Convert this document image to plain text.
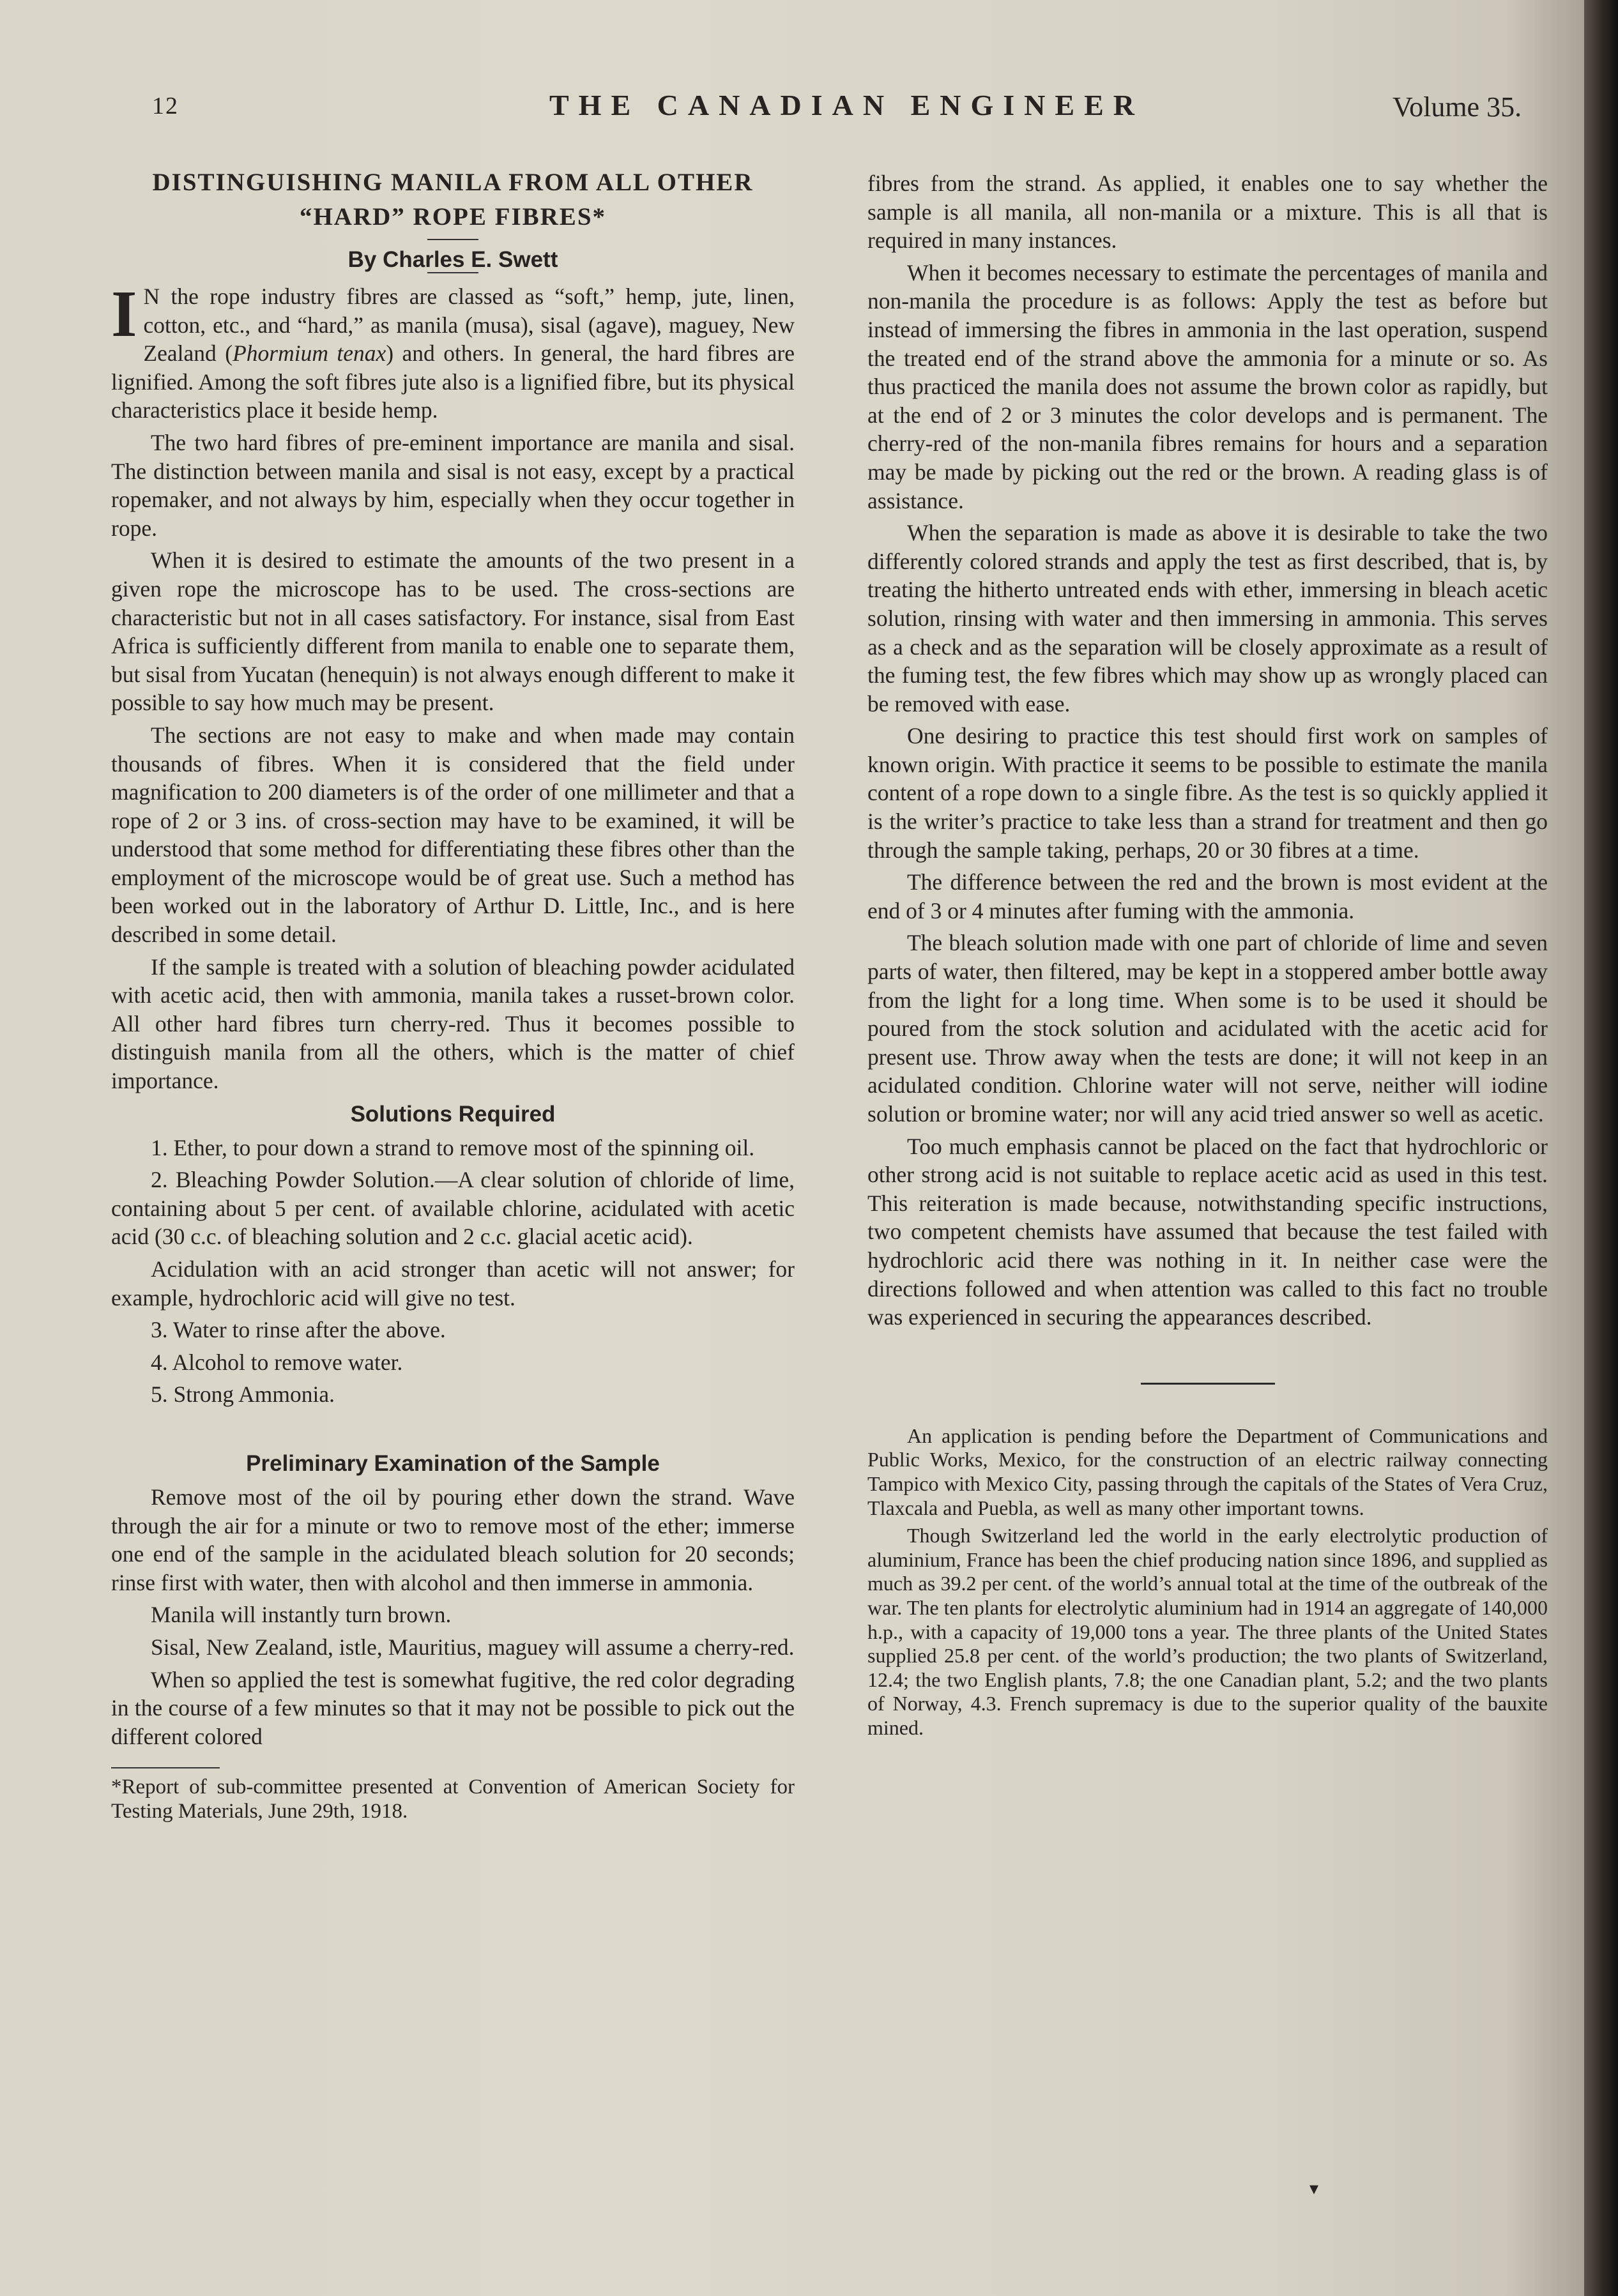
12	THE CANADIAN ENGINEER	Volume 35.

DISTINGUISHING MANILA FROM ALL OTHER

“HARD” ROPE FIBRES*

By Charles E. Swett

I N the rope industry fibres are classed as “soft,” hemp, jute, linen, cotton, etc., and “hard,” as manila (musa), sisal (agave), maguey, New Zealand (Phormium tenax) and others. In general, the hard fibres are lignified. Among the soft fibres jute also is a lignified fibre, but its physical characteristics place it beside hemp.

The two hard fibres of pre-eminent importance are manila and sisal. The distinction between manila and sisal is not easy, except by a practical ropemaker, and not always by him, especially when they occur together in rope.

When it is desired to estimate the amounts of the two present in a given rope the microscope has to be used. The cross-sections are characteristic but not in all cases satisfactory. For instance, sisal from East Africa is sufficiently different from manila to enable one to separate them, but sisal from Yucatan (henequin) is not always enough different to make it possible to say how much may be present.

The sections are not easy to make and when made may contain thousands of fibres. When it is considered that the field under magnification to 200 diameters is of the order of one millimeter and that a rope of 2 or 3 ins. of cross-section may have to be examined, it will be understood that some method for differentiating these fibres other than the employment of the microscope would be of great use. Such a method has been worked out in the laboratory of Arthur D. Little, Inc., and is here described in some detail.

If the sample is treated with a solution of bleaching powder acidulated with acetic acid, then with ammonia, manila takes a russet-brown color. All other hard fibres turn cherry-red. Thus it becomes possible to distinguish manila from all the others, which is the matter of chief importance.

Solutions Required

1. Ether, to pour down a strand to remove most of the spinning oil.

2. Bleaching Powder Solution.—A clear solution of chloride of lime, containing about 5 per cent. of available chlorine, acidulated with acetic acid (30 c.c. of bleaching solution and 2 c.c. glacial acetic acid).

Acidulation with an acid stronger than acetic will not answer; for example, hydrochloric acid will give no test.

3. Water to rinse after the above.

4. Alcohol to remove water.

5. Strong Ammonia.

Preliminary Examination of the Sample

Remove most of the oil by pouring ether down the strand. Wave through the air for a minute or two to remove most of the ether; immerse one end of the sample in the acidulated bleach solution for 20 seconds; rinse first with water, then with alcohol and then immerse in ammonia.

Manila will instantly turn brown.

Sisal, New Zealand, istle, Mauritius, maguey will assume a cherry-red.

When so applied the test is somewhat fugitive, the red color degrading in the course of a few minutes so that it may not be possible to pick out the different colored

*Report of sub-committee presented at Convention of American Society for Testing Materials, June 29th, 1918.

fibres from the strand. As applied, it enables one to say whether the sample is all manila, all non-manila or a mixture. This is all that is required in many instances.

When it becomes necessary to estimate the percentages of manila and non-manila the procedure is as follows: Apply the test as before but instead of immersing the fibres in ammonia in the last operation, suspend the treated end of the strand above the ammonia for a minute or so. As thus practiced the manila does not assume the brown color as rapidly, but at the end of 2 or 3 minutes the color develops and is permanent. The cherry-red of the non-manila fibres remains for hours and a separation may be made by picking out the red or the brown. A reading glass is of assistance.

When the separation is made as above it is desirable to take the two differently colored strands and apply the test as first described, that is, by treating the hitherto untreated ends with ether, immersing in bleach acetic solution, rinsing with water and then immersing in ammonia. This serves as a check and as the separation will be closely approximate as a result of the fuming test, the few fibres which may show up as wrongly placed can be removed with ease.

One desiring to practice this test should first work on samples of known origin. With practice it seems to be possible to estimate the manila content of a rope down to a single fibre. As the test is so quickly applied it is the writer’s practice to take less than a strand for treatment and then go through the sample taking, perhaps, 20 or 30 fibres at a time.

The difference between the red and the brown is most evident at the end of 3 or 4 minutes after fuming with the ammonia.

The bleach solution made with one part of chloride of lime and seven parts of water, then filtered, may be kept in a stoppered amber bottle away from the light for a long time. When some is to be used it should be poured from the stock solution and acidulated with the acetic acid for present use. Throw away when the tests are done; it will not keep in an acidulated condition. Chlorine water will not serve, neither will iodine solution or bromine water; nor will any acid tried answer so well as acetic.

Too much emphasis cannot be placed on the fact that hydrochloric or other strong acid is not suitable to replace acetic acid as used in this test. This reiteration is made because, notwithstanding specific instructions, two competent chemists have assumed that because the test failed with hydrochloric acid there was nothing in it. In neither case were the directions followed and when attention was called to this fact no trouble was experienced in securing the appearances described.

An application is pending before the Department of Communications and Public Works, Mexico, for the construction of an electric railway connecting Tampico with Mexico City, passing through the capitals of the States of Vera Cruz, Tlaxcala and Puebla, as well as many other important towns.

Though Switzerland led the world in the early electrolytic production of aluminium, France has been the chief producing nation since 1896, and supplied as much as 39.2 per cent. of the world’s annual total at the time of the outbreak of the war. The ten plants for electrolytic aluminium had in 1914 an aggregate of 140,000 h.p., with a capacity of 19,000 tons a year. The three plants of the United States supplied 25.8 per cent. of the world’s production; the two plants of Switzerland, 12.4; the two English plants, 7.8; the one Canadian plant, 5.2; and the two plants of Norway, 4.3. French supremacy is due to the superior quality of the bauxite mined.

▾
